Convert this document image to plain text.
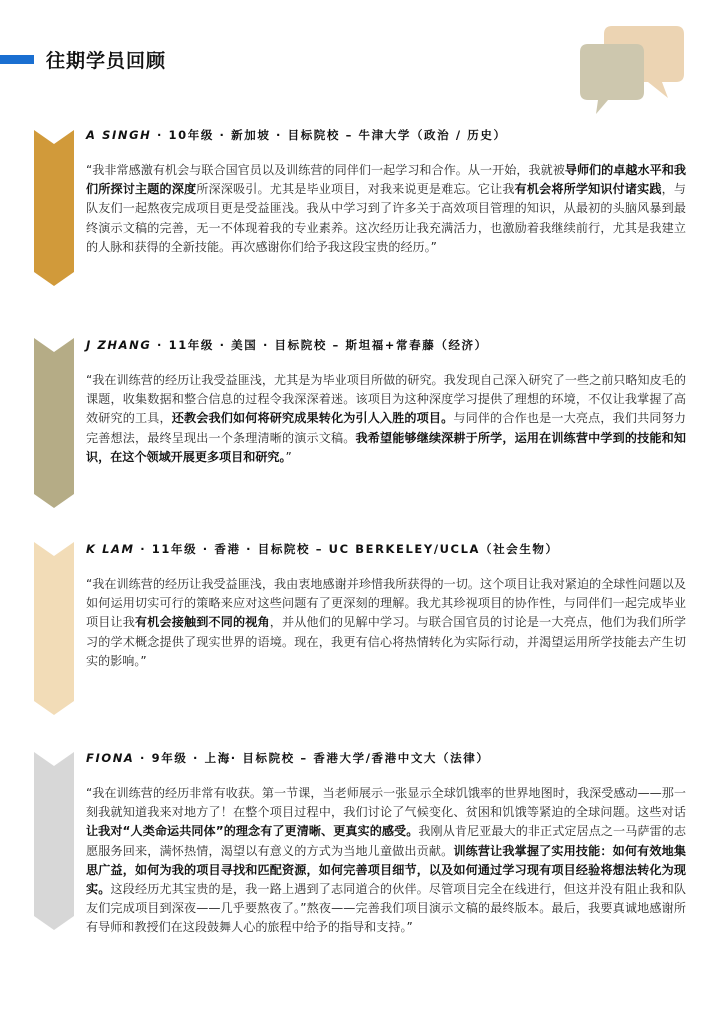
往期学员回顾
A SINGH · 10年级 · 新加坡 · 目标院校 – 牛津大学（政治 / 历史）

“我非常感激有机会与联合国官员以及训练营的同伴们一起学习和合作。从一开始，我就被导师们的卓越水平和我们所探讨主题的深度所深深吸引。尤其是毕业项目，对我来说更是难忘。它让我有机会将所学知识付诸实践，与队友们一起熬夜完成项目更是受益匪浅。我从中学习到了许多关于高效项目管理的知识，从最初的头脑风暴到最终演示文稿的完善，无一不体现着我的专业素养。这次经历让我充满活力，也激励着我继续前行，尤其是我建立的人脉和获得的全新技能。再次感谢你们给予我这段宝贵的经历。”

J ZHANG · 11年级 · 美国 · 目标院校 – 斯坦福+常春藤（经济）

“我在训练营的经历让我受益匪浅，尤其是为毕业项目所做的研究。我发现自己深入研究了一些之前只略知皮毛的课题，收集数据和整合信息的过程令我深深着迷。该项目为这种深度学习提供了理想的环境，不仅让我掌握了高效研究的工具，还教会我们如何将研究成果转化为引人入胜的项目。与同伴的合作也是一大亮点，我们共同努力完善想法，最终呈现出一个条理清晰的演示文稿。我希望能够继续深耕于所学，运用在训练营中学到的技能和知识，在这个领域开展更多项目和研究。”

K LAM · 11年级 · 香港 · 目标院校 – UC BERKELEY/UCLA（社会生物）

“我在训练营的经历让我受益匪浅，我由衷地感谢并珍惜我所获得的一切。这个项目让我对紧迫的全球性问题以及如何运用切实可行的策略来应对这些问题有了更深刻的理解。我尤其珍视项目的协作性，与同伴们一起完成毕业项目让我有机会接触到不同的视角，并从他们的见解中学习。与联合国官员的讨论是一大亮点，他们为我们所学习的学术概念提供了现实世界的语境。现在，我更有信心将热情转化为实际行动，并渴望运用所学技能去产生切实的影响。”

FIONA · 9年级 · 上海· 目标院校 – 香港大学/香港中文大（法律）

“我在训练营的经历非常有收获。第一节课，当老师展示一张显示全球饥饿率的世界地图时，我深受感动——那一刻我就知道我来对地方了！在整个项目过程中，我们讨论了气候变化、贫困和饥饿等紧迫的全球问题。这些对话让我对“人类命运共同体”的理念有了更清晰、更真实的感受。我刚从肯尼亚最大的非正式定居点之一马萨雷的志愿服务回来，满怀热情，渴望以有意义的方式为当地儿童做出贡献。训练营让我掌握了实用技能：如何有效地集思广益，如何为我的项目寻找和匹配资源，如何完善项目细节，以及如何通过学习现有项目经验将想法转化为现实。这段经历尤其宝贵的是，我一路上遇到了志同道合的伙伴。尽管项目完全在线进行，但这并没有阻止我和队友们完成项目到深夜——几乎要熬夜了。”熬夜——完善我们项目演示文稿的最终版本。最后，我要真诚地感谢所有导师和教授们在这段鼓舞人心的旅程中给予的指导和支持。”
